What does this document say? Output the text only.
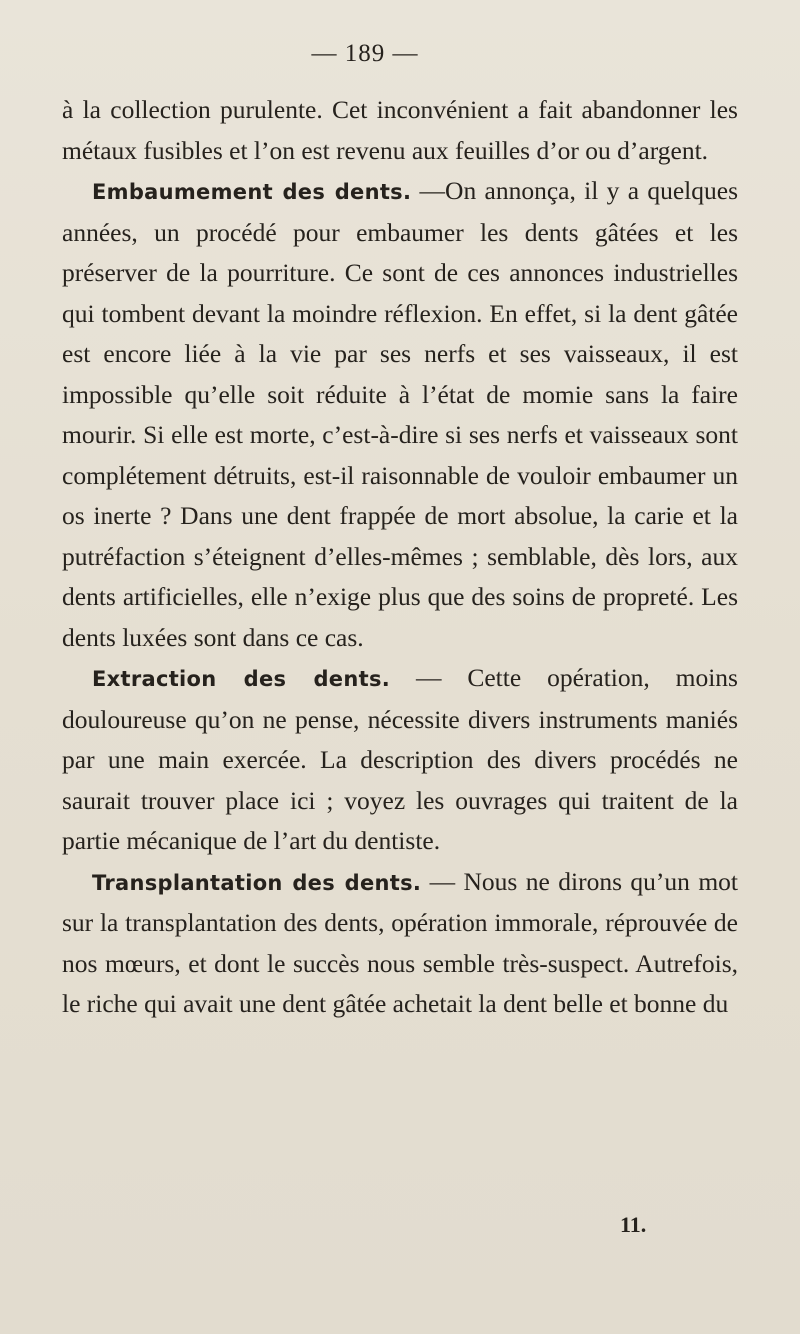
— 189 —

à la collection purulente. Cet inconvénient a fait abandonner les métaux fusibles et l’on est revenu aux feuilles d’or ou d’argent.

Embaumement des dents. —On annonça, il y a quelques années, un procédé pour embaumer les dents gâtées et les préserver de la pourriture. Ce sont de ces annonces industrielles qui tombent devant la moindre réflexion. En effet, si la dent gâtée est encore liée à la vie par ses nerfs et ses vaisseaux, il est impossible qu’elle soit réduite à l’état de momie sans la faire mourir. Si elle est morte, c’est-à-dire si ses nerfs et vaisseaux sont complétement détruits, est-il raisonnable de vouloir embaumer un os inerte ? Dans une dent frappée de mort absolue, la carie et la putréfaction s’éteignent d’elles-mêmes ; semblable, dès lors, aux dents artificielles, elle n’exige plus que des soins de propreté. Les dents luxées sont dans ce cas.

Extraction des dents. — Cette opération, moins douloureuse qu’on ne pense, nécessite divers instruments maniés par une main exercée. La description des divers procédés ne saurait trouver place ici ; voyez les ouvrages qui traitent de la partie mécanique de l’art du dentiste.

Transplantation des dents. — Nous ne dirons qu’un mot sur la transplantation des dents, opération immorale, réprouvée de nos mœurs, et dont le succès nous semble très-suspect. Autrefois, le riche qui avait une dent gâtée achetait la dent belle et bonne du

11.
